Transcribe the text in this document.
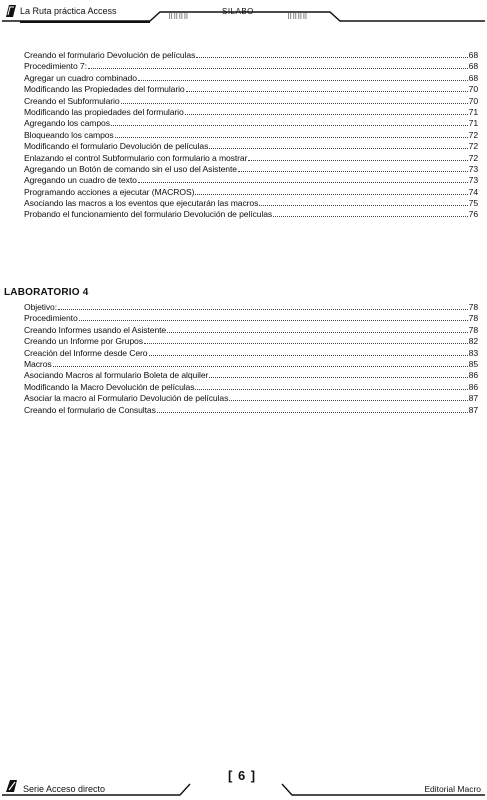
⠿⠿⠿⠿	⠿⠿⠿⠿
La Ruta práctica Access	SILABO
Creando el formulario Devolución de películas	68
Procedimiento 7:	68
Agregar un cuadro combinado	68
Modificando las Propiedades del formulario	70
Creando el Subformulario	70
Modificando las propiedades del formulario	71
Agregando los campos	71
Bloqueando los campos	72
Modificando el formulario Devolución de películas	72
Enlazando el control Subformulario con formulario a mostrar	72
Agregando un Botón de comando sin el uso del Asistente	73
Agregando un cuadro de texto	73
Programando acciones a ejecutar (MACROS)	74
Asociando las macros a los eventos que ejecutarán las macros	75
Probando el funcionamiento del formulario Devolución de películas	76
LABORATORIO 4
Objetivo:	78
Procedimiento	78
Creando Informes usando el Asistente	78
Creando un Informe por Grupos	82
Creación del Informe desde Cero	83
Macros	85
Asociando Macros al formulario Boleta de alquiler	86
Modificando la Macro Devolución de películas	86
Asociar la macro al Formulario Devolución de películas	87
Creando el formulario de Consultas	87
Serie Acceso directo
[ 6 ]
Editorial Macro
